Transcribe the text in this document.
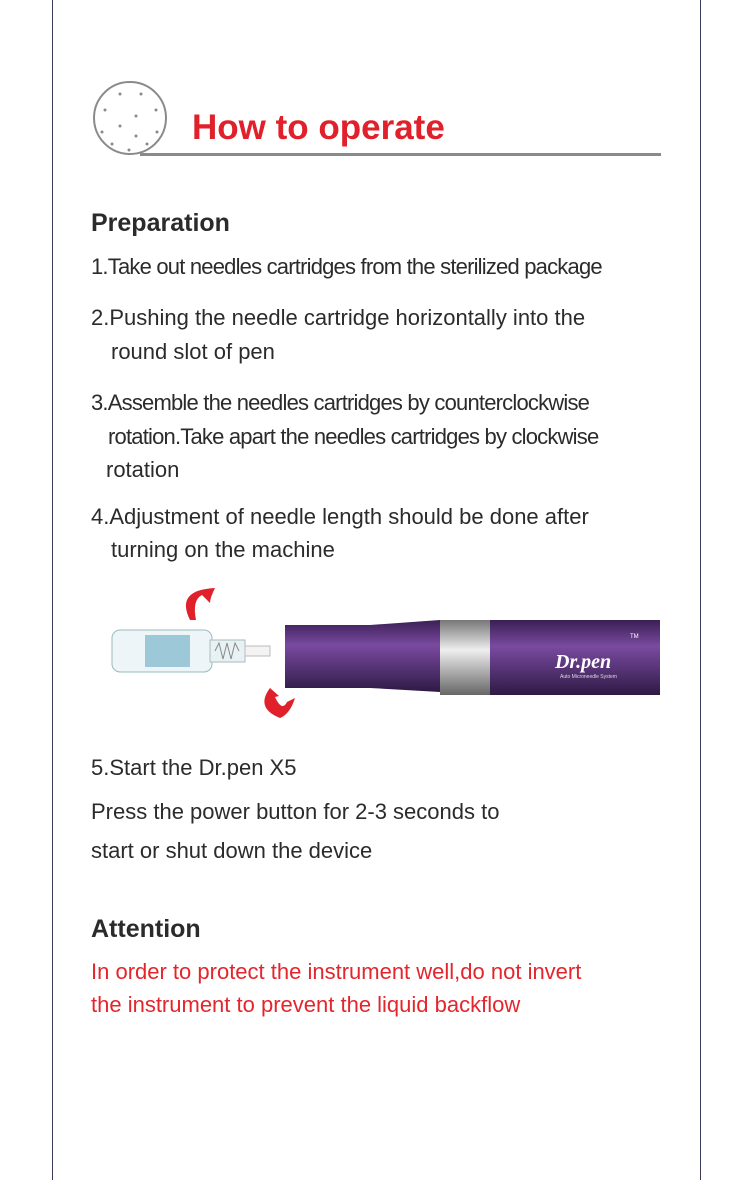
How to operate
Preparation
1.Take out needles cartridges from the sterilized package
2.Pushing the needle cartridge horizontally into the
round slot of pen
3.Assemble the needles cartridges by counterclockwise
rotation.Take apart the needles cartridges by clockwise
rotation
4.Adjustment of needle length should be done after
turning on the machine
Dr.pen
TM
Auto Microneedle System
5.Start the Dr.pen X5
Press the power button for 2-3 seconds to
start or shut down the device
Attention
In order to protect the instrument well,do not invert
the instrument to prevent the liquid backflow
